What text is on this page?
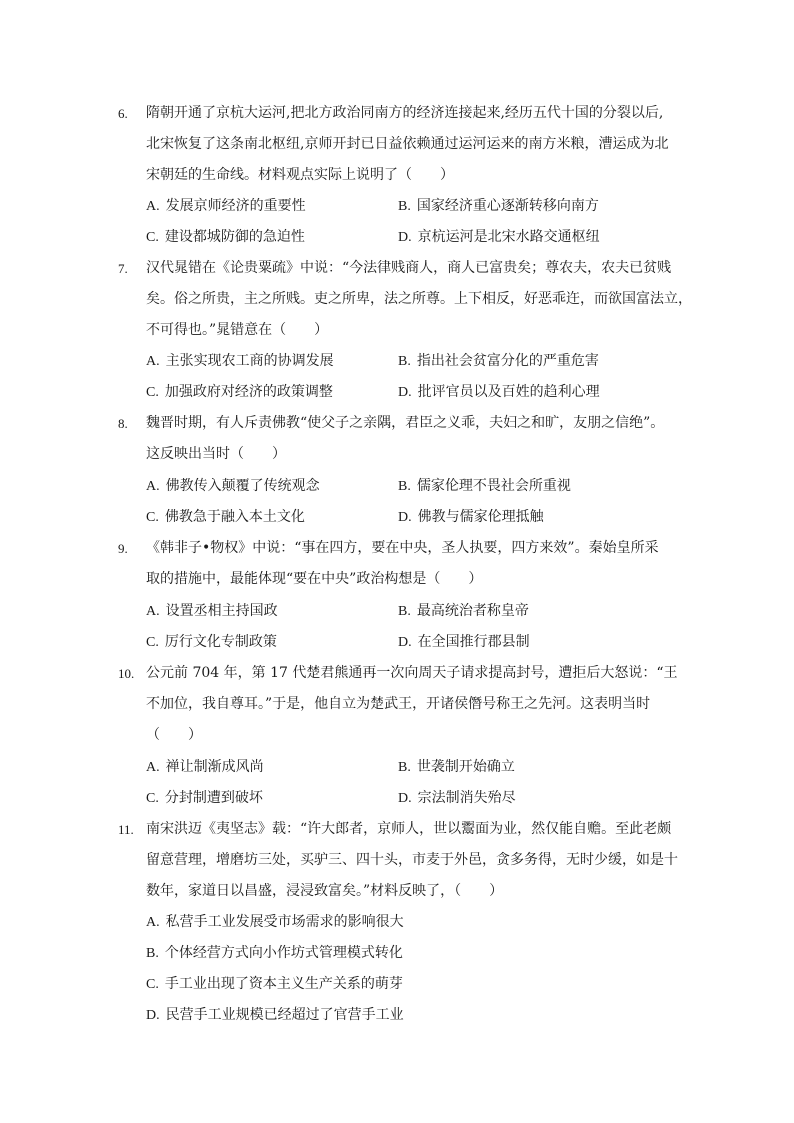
6. 隋朝开通了京杭大运河,把北方政治同南方的经济连接起来,经历五代十国的分裂以后,
北宋恢复了这条南北枢纽,京师开封已日益依赖通过运河运来的南方米粮，漕运成为北
宋朝廷的生命线。材料观点实际上说明了（　　）
A. 发展京师经济的重要性	B. 国家经济重心逐渐转移向南方
C. 建设都城防御的急迫性	D. 京杭运河是北宋水路交通枢纽
7. 汉代晁错在《论贵粟疏》中说：“今法律贱商人，商人已富贵矣；尊农夫，农夫已贫贱
矣。俗之所贵，主之所贱。吏之所卑，法之所尊。上下相反，好恶乖迕，而欲国富法立，
不可得也。”晁错意在（　　）
A. 主张实现农工商的协调发展	B. 指出社会贫富分化的严重危害
C. 加强政府对经济的政策调整	D. 批评官员以及百姓的趋利心理
8. 魏晋时期，有人斥责佛教“使父子之亲隅，君臣之义乖，夫妇之和旷，友朋之信绝”。
这反映出当时（　　）
A. 佛教传入颠覆了传统观念	B. 儒家伦理不畏社会所重视
C. 佛教急于融入本土文化	D. 佛教与儒家伦理抵触
9. 《韩非子•物权》中说：“事在四方，要在中央，圣人执要，四方来效”。秦始皇所采
取的措施中，最能体现“要在中央”政治构想是（　　）
A. 设置丞相主持国政	B. 最高统治者称皇帝
C. 厉行文化专制政策	D. 在全国推行郡县制
10. 公元前 704 年，第 17 代楚君熊通再一次向周天子请求提高封号，遭拒后大怒说：“王
不加位，我自尊耳。”于是，他自立为楚武王，开诸侯僭号称王之先河。这表明当时
（　　）
A. 禅让制渐成风尚	B. 世袭制开始确立
C. 分封制遭到破坏	D. 宗法制消失殆尽
11. 南宋洪迈《夷坚志》载：“许大郎者，京师人，世以鬻面为业，然仅能自赡。至此老颇
留意营理，增磨坊三处，买驴三、四十头，市麦于外邑，贪多务得，无时少缓，如是十
数年，家道日以昌盛，浸浸致富矣。”材料反映了，（　　）
A. 私营手工业发展受市场需求的影响很大
B. 个体经营方式向小作坊式管理模式转化
C. 手工业出现了资本主义生产关系的萌芽
D. 民营手工业规模已经超过了官营手工业
